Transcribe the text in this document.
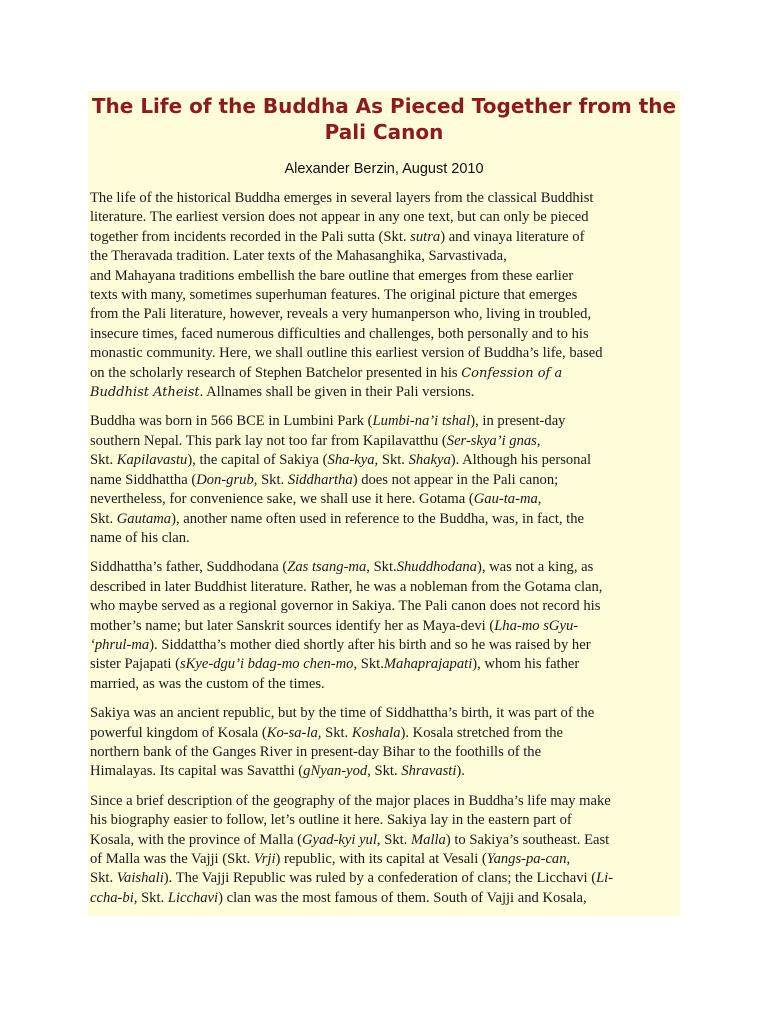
The Life of the Buddha As Pieced Together from the Pali Canon
Alexander Berzin, August 2010

The life of the historical Buddha emerges in several layers from the classical Buddhist
literature. The earliest version does not appear in any one text, but can only be pieced
together from incidents recorded in the Pali sutta (Skt. sutra) and vinaya literature of
the Theravada tradition. Later texts of the Mahasanghika, Sarvastivada,
and Mahayana traditions embellish the bare outline that emerges from these earlier
texts with many, sometimes superhuman features. The original picture that emerges
from the Pali literature, however, reveals a very humanperson who, living in troubled,
insecure times, faced numerous difficulties and challenges, both personally and to his
monastic community. Here, we shall outline this earliest version of Buddha’s life, based
on the scholarly research of Stephen Batchelor presented in his Confession of a
Buddhist Atheist. Allnames shall be given in their Pali versions.

Buddha was born in 566 BCE in Lumbini Park (Lumbi-na’i tshal), in present-day
southern Nepal. This park lay not too far from Kapilavatthu (Ser-skya’i gnas,
Skt. Kapilavastu), the capital of Sakiya (Sha-kya, Skt. Shakya). Although his personal
name Siddhattha (Don-grub, Skt. Siddhartha) does not appear in the Pali canon;
nevertheless, for convenience sake, we shall use it here. Gotama (Gau-ta-ma,
Skt. Gautama), another name often used in reference to the Buddha, was, in fact, the
name of his clan.

Siddhattha’s father, Suddhodana (Zas tsang-ma, Skt.Shuddhodana), was not a king, as
described in later Buddhist literature. Rather, he was a nobleman from the Gotama clan,
who maybe served as a regional governor in Sakiya. The Pali canon does not record his
mother’s name; but later Sanskrit sources identify her as Maya-devi (Lha-mo sGyu-
‘phrul-ma). Siddattha’s mother died shortly after his birth and so he was raised by her
sister Pajapati (sKye-dgu’i bdag-mo chen-mo, Skt.Mahaprajapati), whom his father
married, as was the custom of the times.

Sakiya was an ancient republic, but by the time of Siddhattha’s birth, it was part of the
powerful kingdom of Kosala (Ko-sa-la, Skt. Koshala). Kosala stretched from the
northern bank of the Ganges River in present-day Bihar to the foothills of the
Himalayas. Its capital was Savatthi (gNyan-yod, Skt. Shravasti).

Since a brief description of the geography of the major places in Buddha’s life may make
his biography easier to follow, let’s outline it here. Sakiya lay in the eastern part of
Kosala, with the province of Malla (Gyad-kyi yul, Skt. Malla) to Sakiya’s southeast. East
of Malla was the Vajji (Skt. Vrji) republic, with its capital at Vesali (Yangs-pa-can,
Skt. Vaishali). The Vajji Republic was ruled by a confederation of clans; the Licchavi (Li-
ccha-bi, Skt. Licchavi) clan was the most famous of them. South of Vajji and Kosala,
